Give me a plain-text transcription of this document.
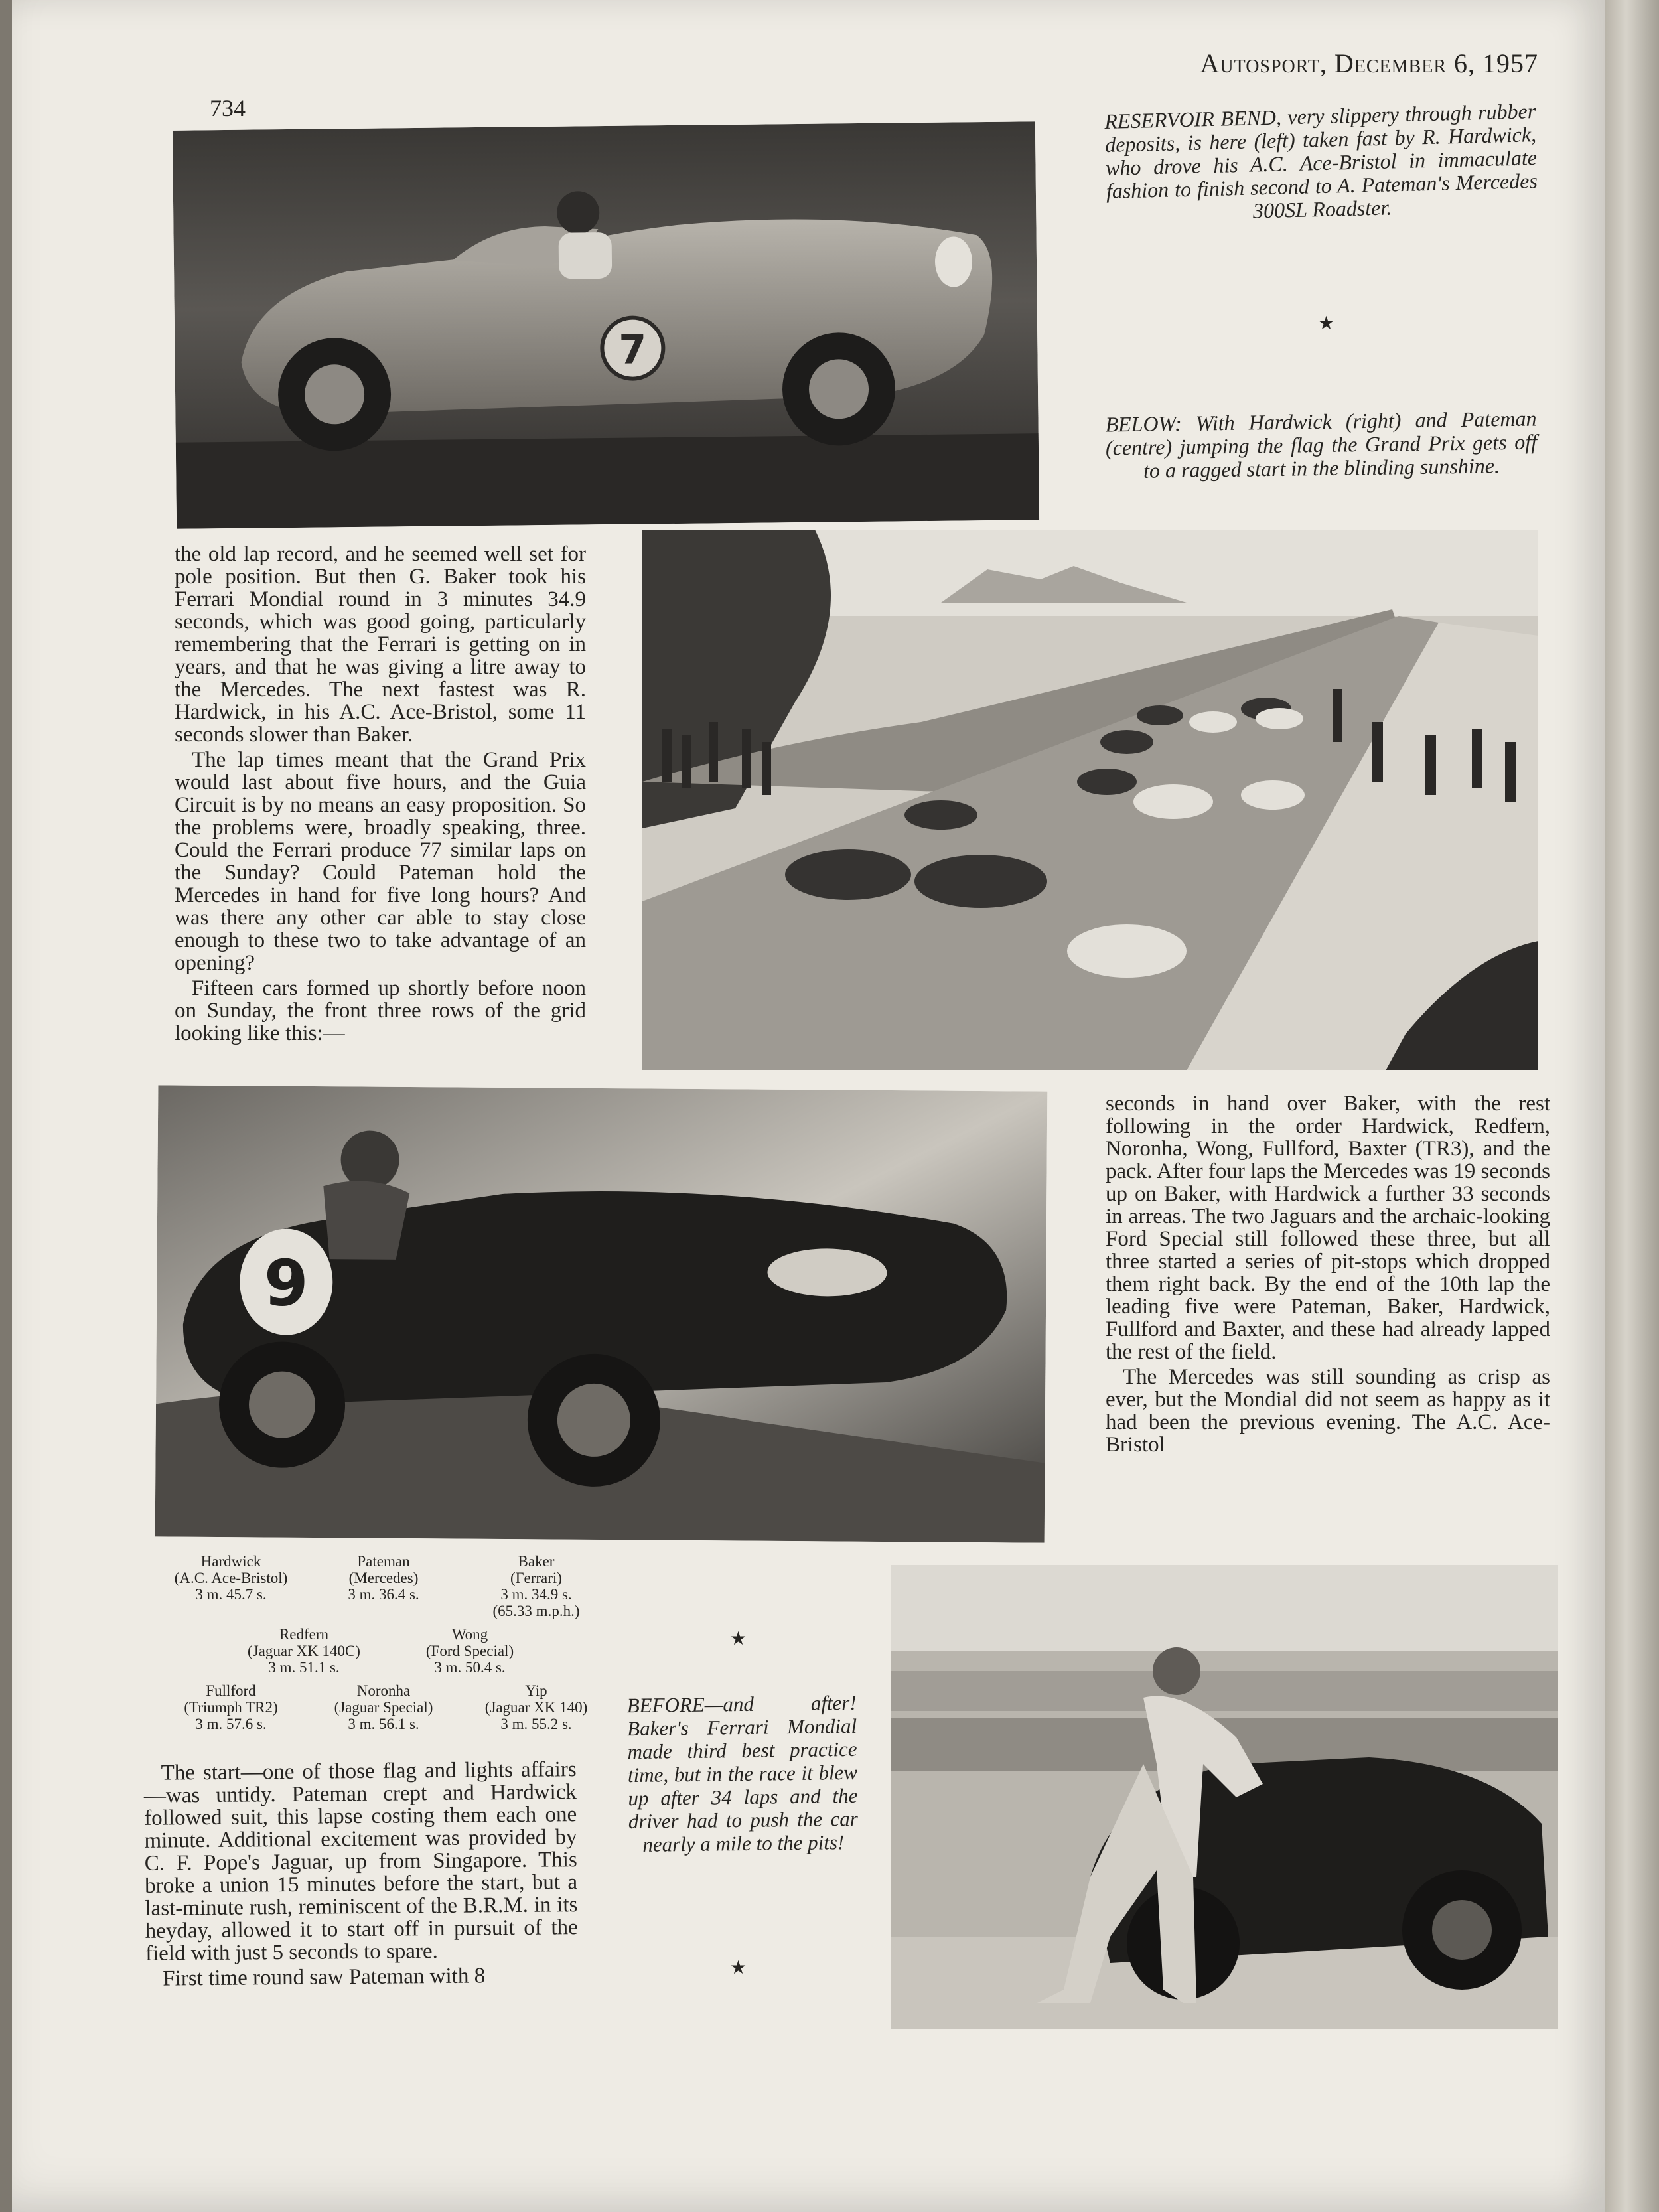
Autosport, December 6, 1957
734
7
RESERVOIR BEND, very slippery through rubber deposits, is here (left) taken fast by R. Hardwick, who drove his A.C. Ace-Bristol in immaculate fashion to finish second to A. Pateman's Mercedes 300SL Roadster.
★
BELOW: With Hardwick (right) and Pateman (centre) jumping the flag the Grand Prix gets off to a ragged start in the blinding sunshine.

the old lap record, and he seemed well set for pole position. But then G. Baker took his Ferrari Mondial round in 3 minutes 34.9 seconds, which was good going, particularly remembering that the Ferrari is getting on in years, and that he was giving a litre away to the Mercedes. The next fastest was R. Hardwick, in his A.C. Ace-Bristol, some 11 seconds slower than Baker.

The lap times meant that the Grand Prix would last about five hours, and the Guia Circuit is by no means an easy proposition. So the problems were, broadly speaking, three. Could the Ferrari produce 77 similar laps on the Sunday? Could Pateman hold the Mercedes in hand for five long hours? And was there any other car able to stay close enough to these two to take advantage of an opening?

Fifteen cars formed up shortly before noon on Sunday, the front three rows of the grid looking like this:—

9

seconds in hand over Baker, with the rest following in the order Hardwick, Redfern, Noronha, Wong, Fullford, Baxter (TR3), and the pack. After four laps the Mercedes was 19 seconds up on Baker, with Hardwick a further 33 seconds in arreas. The two Jaguars and the archaic-looking Ford Special still followed these three, but all three started a series of pit-stops which dropped them right back. By the end of the 10th lap the leading five were Pateman, Baker, Hardwick, Fullford and Baxter, and these had already lapped the rest of the field.

The Mercedes was still sounding as crisp as ever, but the Mondial did not seem as happy as it had been the previous evening. The A.C. Ace-Bristol

Hardwick
(A.C. Ace-Bristol)
3 m. 45.7 s.
Pateman
(Mercedes)
3 m. 36.4 s.
Baker
(Ferrari)
3 m. 34.9 s.
(65.33 m.p.h.)
Redfern
(Jaguar XK 140C)
3 m. 51.1 s.
Wong
(Ford Special)
3 m. 50.4 s.
Fullford
(Triumph TR2)
3 m. 57.6 s.
Noronha
(Jaguar Special)
3 m. 56.1 s.
Yip
(Jaguar XK 140)
3 m. 55.2 s.
★

The start—one of those flag and lights affairs—was untidy. Pateman crept and Hardwick followed suit, this lapse costing them each one minute. Additional excitement was provided by C. F. Pope's Jaguar, up from Singapore. This broke a union 15 minutes before the start, but a last-minute rush, reminiscent of the B.R.M. in its heyday, allowed it to start off in pursuit of the field with just 5 seconds to spare.

First time round saw Pateman with 8

BEFORE—and after! Baker's Ferrari Mondial made third best practice time, but in the race it blew up after 34 laps and the driver had to push the car nearly a mile to the pits!
★
